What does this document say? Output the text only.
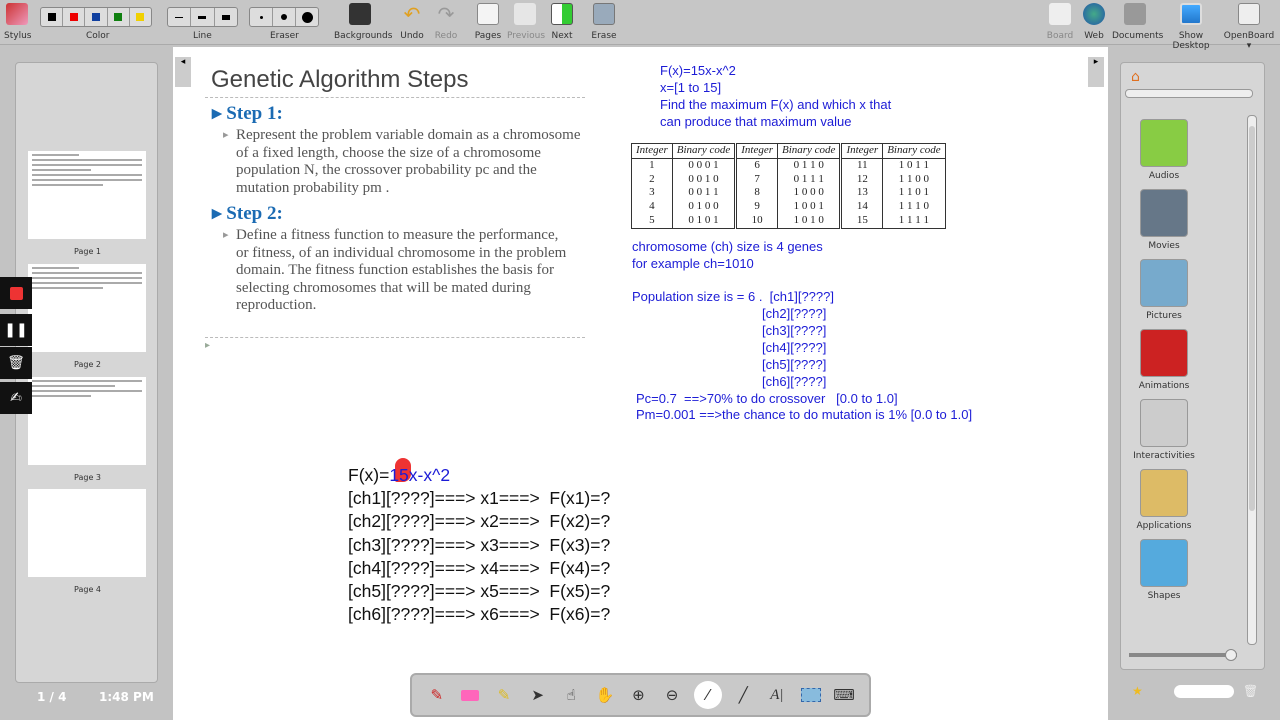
Stylus	Color	Line	Eraser	Backgrounds
↶
Undo
↷
Redo Pages Previous Next Erase	Board	Web Documents	Show Desktop
OpenBoard ▾
Page 1
Page 2
Page 3
Page 4
1 / 4	1:48 PM
◂	▸
❚❚
🗑
✍
Genetic Algorithm Steps
▸ Step 1:
▸ Represent the problem variable domain as a chromosome of a fixed length, choose the size of a chromosome population N, the crossover probability pc and the mutation probability pm .
▸ Step 2:
▸ Define a fitness function to measure the performance, or fitness, of an individual chromosome in the problem domain. The fitness function establishes the basis for selecting chromosomes that will be mated during reproduction.
▸
F(x)=15x-x^2
x=[1 to 15]
Find the maximum F(x) and which x that
can produce that maximum value
Integer	Binary code	Integer	Binary code	Integer	Binary code
1	0 0 0 1	6	0 1 1 0	11	1 0 1 1
2	0 0 1 0	7	0 1 1 1	12	1 1 0 0
3	0 0 1 1	8	1 0 0 0	13	1 1 0 1
4	0 1 0 0	9	1 0 0 1	14	1 1 1 0
5	0 1 0 1	10	1 0 1 0	15	1 1 1 1
chromosome (ch) size is 4 genes
for example ch=1010
Population size is = 6 .  [ch1][????]
[ch2][????]
[ch3][????]
[ch4][????]
[ch5][????]
[ch6][????]
Pc=0.7  ==>70% to do crossover   [0.0 to 1.0]
Pm=0.001 ==>the chance to do mutation is 1% [0.0 to 1.0]
F(x)=15x-x^2
[ch1][????]===> x1===>  F(x1)=?
[ch2][????]===> x2===>  F(x2)=?
[ch3][????]===> x3===>  F(x3)=?
[ch4][????]===> x4===>  F(x4)=?
[ch5][????]===> x5===>  F(x5)=?
[ch6][????]===> x6===>  F(x6)=?
⌂
Audios
Movies
Pictures
Animations
Interactivities
Applications
Shapes
★	🗑
✎	✎	➤	☝	✋	⊕	⊖	⁄	╱	A|	⌨
